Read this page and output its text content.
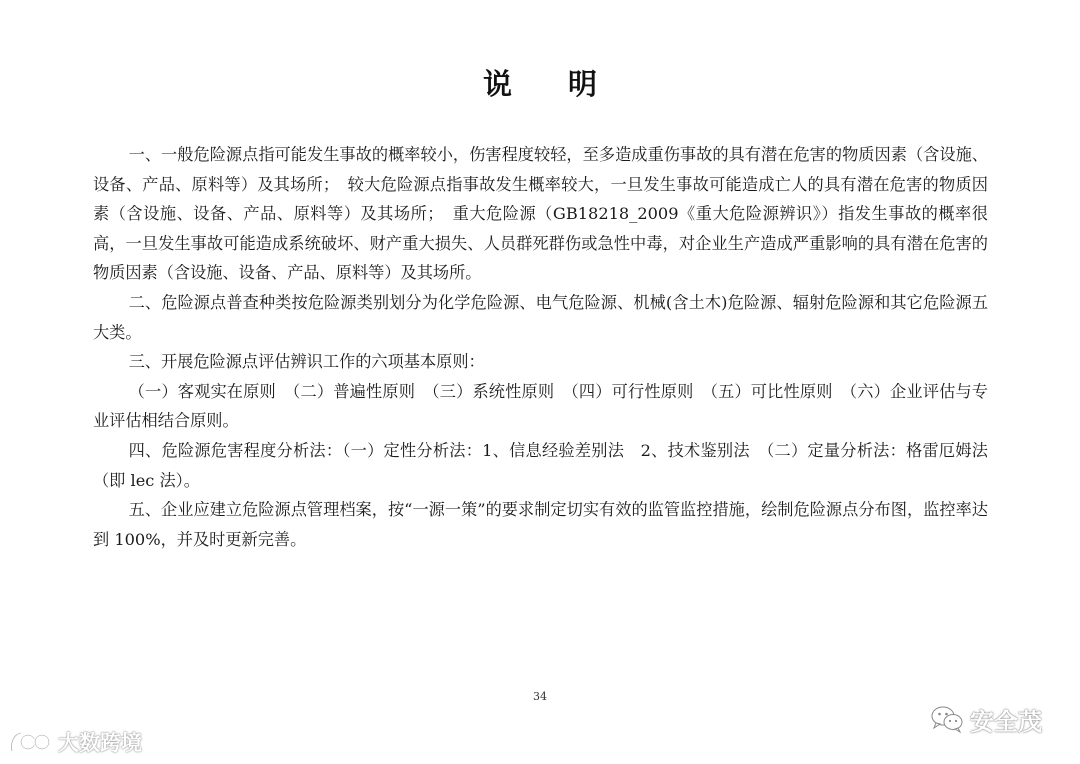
说 明

一、一般危险源点指可能发生事故的概率较小，伤害程度较轻，至多造成重伤事故的具有潜在危害的物质因素（含设施、设备、产品、原料等）及其场所；　较大危险源点指事故发生概率较大，一旦发生事故可能造成亡人的具有潜在危害的物质因素（含设施、设备、产品、原料等）及其场所；　重大危险源（GB18218_2009《重大危险源辨识》）指发生事故的概率很高，一旦发生事故可能造成系统破坏、财产重大损失、人员群死群伤或急性中毒，对企业生产造成严重影响的具有潜在危害的物质因素（含设施、设备、产品、原料等）及其场所。

二、危险源点普查种类按危险源类别划分为化学危险源、电气危险源、机械(含土木)危险源、辐射危险源和其它危险源五大类。

三、开展危险源点评估辨识工作的六项基本原则：

（一）客观实在原则　（二）普遍性原则　（三）系统性原则　（四）可行性原则　（五）可比性原则　（六）企业评估与专业评估相结合原则。

四、危险源危害程度分析法：（一）定性分析法：1、信息经验差别法　2、技术鉴别法　（二）定量分析法：格雷厄姆法（即 lec 法）。

五、企业应建立危险源点管理档案，按“一源一策”的要求制定切实有效的监管监控措施，绘制危险源点分布图，监控率达到 100%，并及时更新完善。

34
大数跨境
安全茂
